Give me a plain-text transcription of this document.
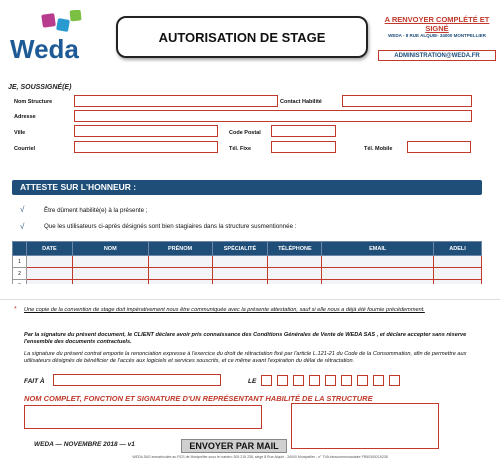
Weda	AUTORISATION DE STAGE
A RENVOYER COMPLÉTÉ ET SIGNÉ
WEDA - 8 RUE ALQUIE- 34000 MONTPELLIER
ADMINISTRATION@WEDA.FR
JE, SOUSSIGNÉ(E)
Nom Structure	Contact Habilité
Adresse
Ville	Code Postal
Courriel	Tél. Fixe	Tél. Mobile
ATTESTE SUR L'HONNEUR :
√	Être dûment habilité(e) à la présente ;
√	Que les utilisateurs ci-après désignés sont bien stagiaires dans la structure susmentionnée :
	DATE	NOM	PRÉNOM	SPÉCIALITÉ	TÉLÉPHONE	EMAIL	ADELI
1							
2							

* Une copie de la convention de stage doit impérativement nous être communiquée avec la présente attestation, sauf si elle nous a déjà été fournie précédemment.
Par la signature du présent document, le CLIENT déclare avoir pris connaissance des Conditions Générales de Vente de WEDA SAS , et déclare accepter sans réserve l'ensemble des documents contractuels.
La signature du présent contrat emporte la renonciation expresse à l'exercice du droit de rétractation fixé par l'article L.121-21 du Code de la Consommation, afin de permettre aux utilisateurs désignés de bénéficier de l'accès aux logiciels et services souscrits, et ce même avant l'expiration du délai de rétractation.
FAIT À	LE
NOM COMPLET, FONCTION ET SIGNATURE D'UN REPRÉSENTANT HABILITÉ DE LA STRUCTURE
WEDA — NOVEMBRE 2018 — v1	ENVOYER PAR MAIL
WEDA SAS immatriculée au RCS de Montpellier sous le numéro 305 215 238, siège 8 Rue Alquié - 34000 Montpellier - n° TVA intracommunautaire FR60305215238
